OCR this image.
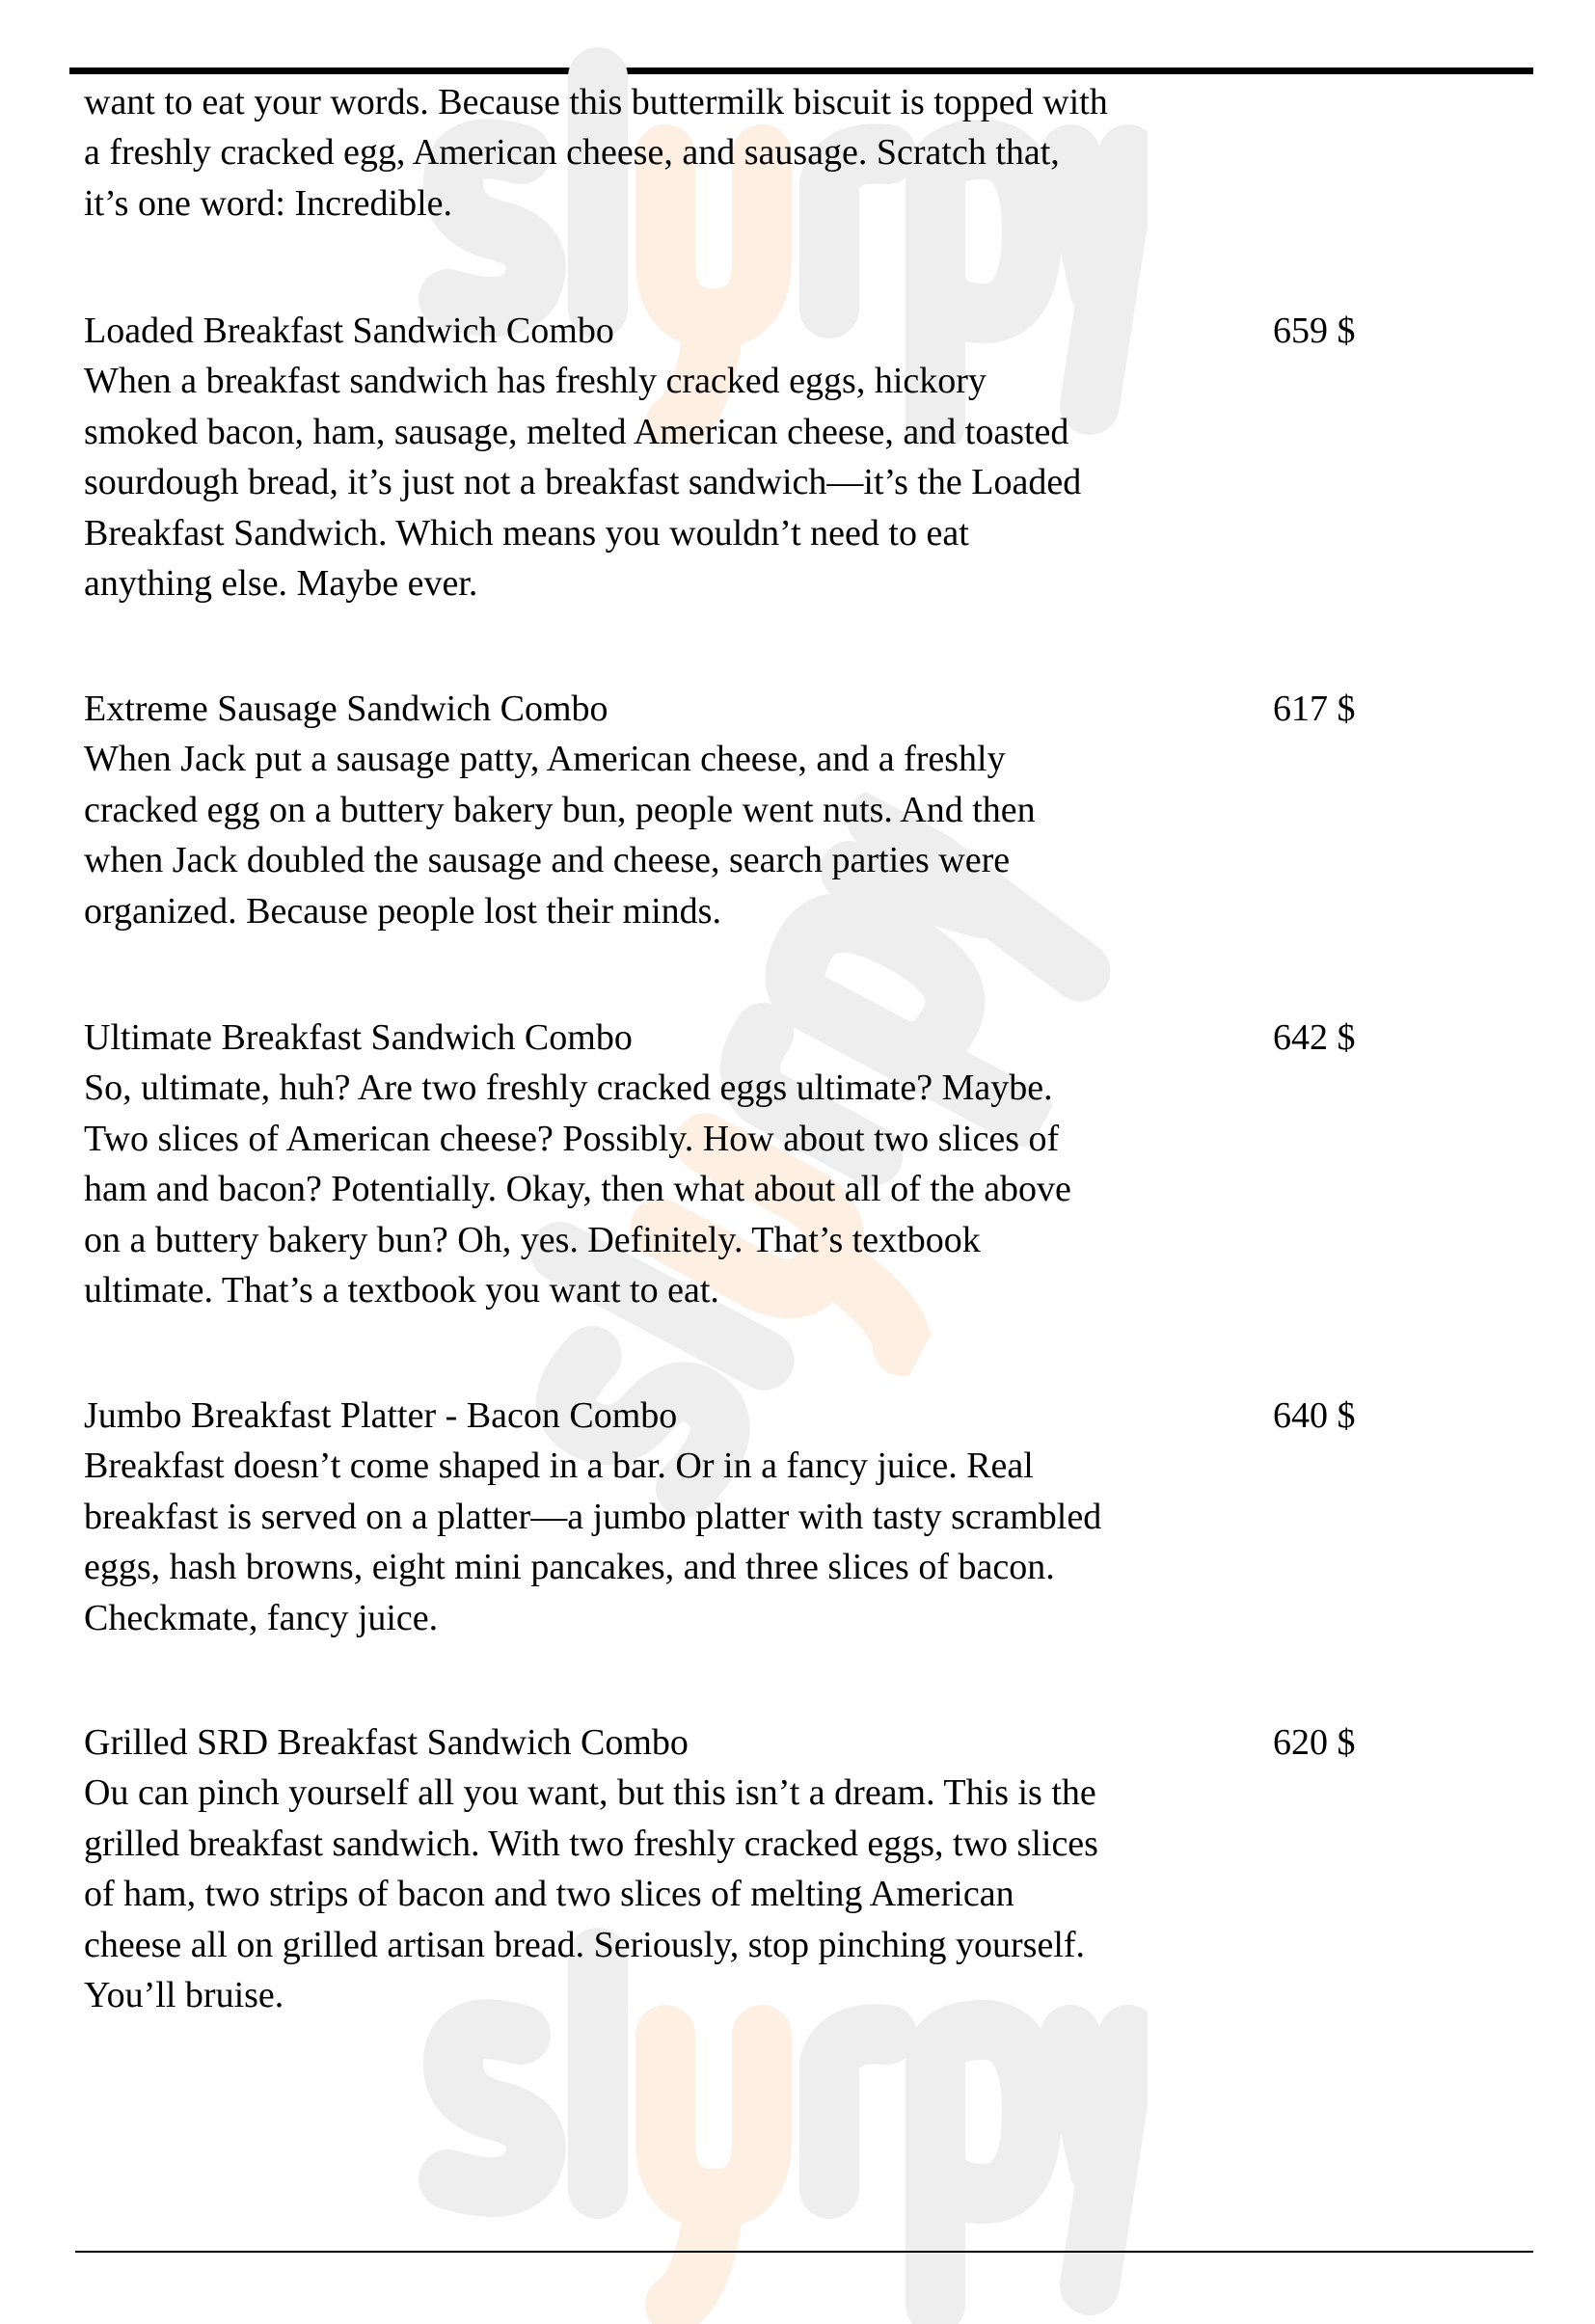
want to eat your words. Because this buttermilk biscuit is topped with
a freshly cracked egg, American cheese, and sausage. Scratch that,
it’s one word: Incredible.
Loaded Breakfast Sandwich Combo	659 $
When a breakfast sandwich has freshly cracked eggs, hickory
smoked bacon, ham, sausage, melted American cheese, and toasted
sourdough bread, it’s just not a breakfast sandwich—it’s the Loaded
Breakfast Sandwich. Which means you wouldn’t need to eat
anything else. Maybe ever.
Extreme Sausage Sandwich Combo	617 $
When Jack put a sausage patty, American cheese, and a freshly
cracked egg on a buttery bakery bun, people went nuts. And then
when Jack doubled the sausage and cheese, search parties were
organized. Because people lost their minds.
Ultimate Breakfast Sandwich Combo	642 $
So, ultimate, huh? Are two freshly cracked eggs ultimate? Maybe.
Two slices of American cheese? Possibly. How about two slices of
ham and bacon? Potentially. Okay, then what about all of the above
on a buttery bakery bun? Oh, yes. Definitely. That’s textbook
ultimate. That’s a textbook you want to eat.
Jumbo Breakfast Platter - Bacon Combo	640 $
Breakfast doesn’t come shaped in a bar. Or in a fancy juice. Real
breakfast is served on a platter—a jumbo platter with tasty scrambled
eggs, hash browns, eight mini pancakes, and three slices of bacon.
Checkmate, fancy juice.
Grilled SRD Breakfast Sandwich Combo	620 $
Ou can pinch yourself all you want, but this isn’t a dream. This is the
grilled breakfast sandwich. With two freshly cracked eggs, two slices
of ham, two strips of bacon and two slices of melting American
cheese all on grilled artisan bread. Seriously, stop pinching yourself.
You’ll bruise.
